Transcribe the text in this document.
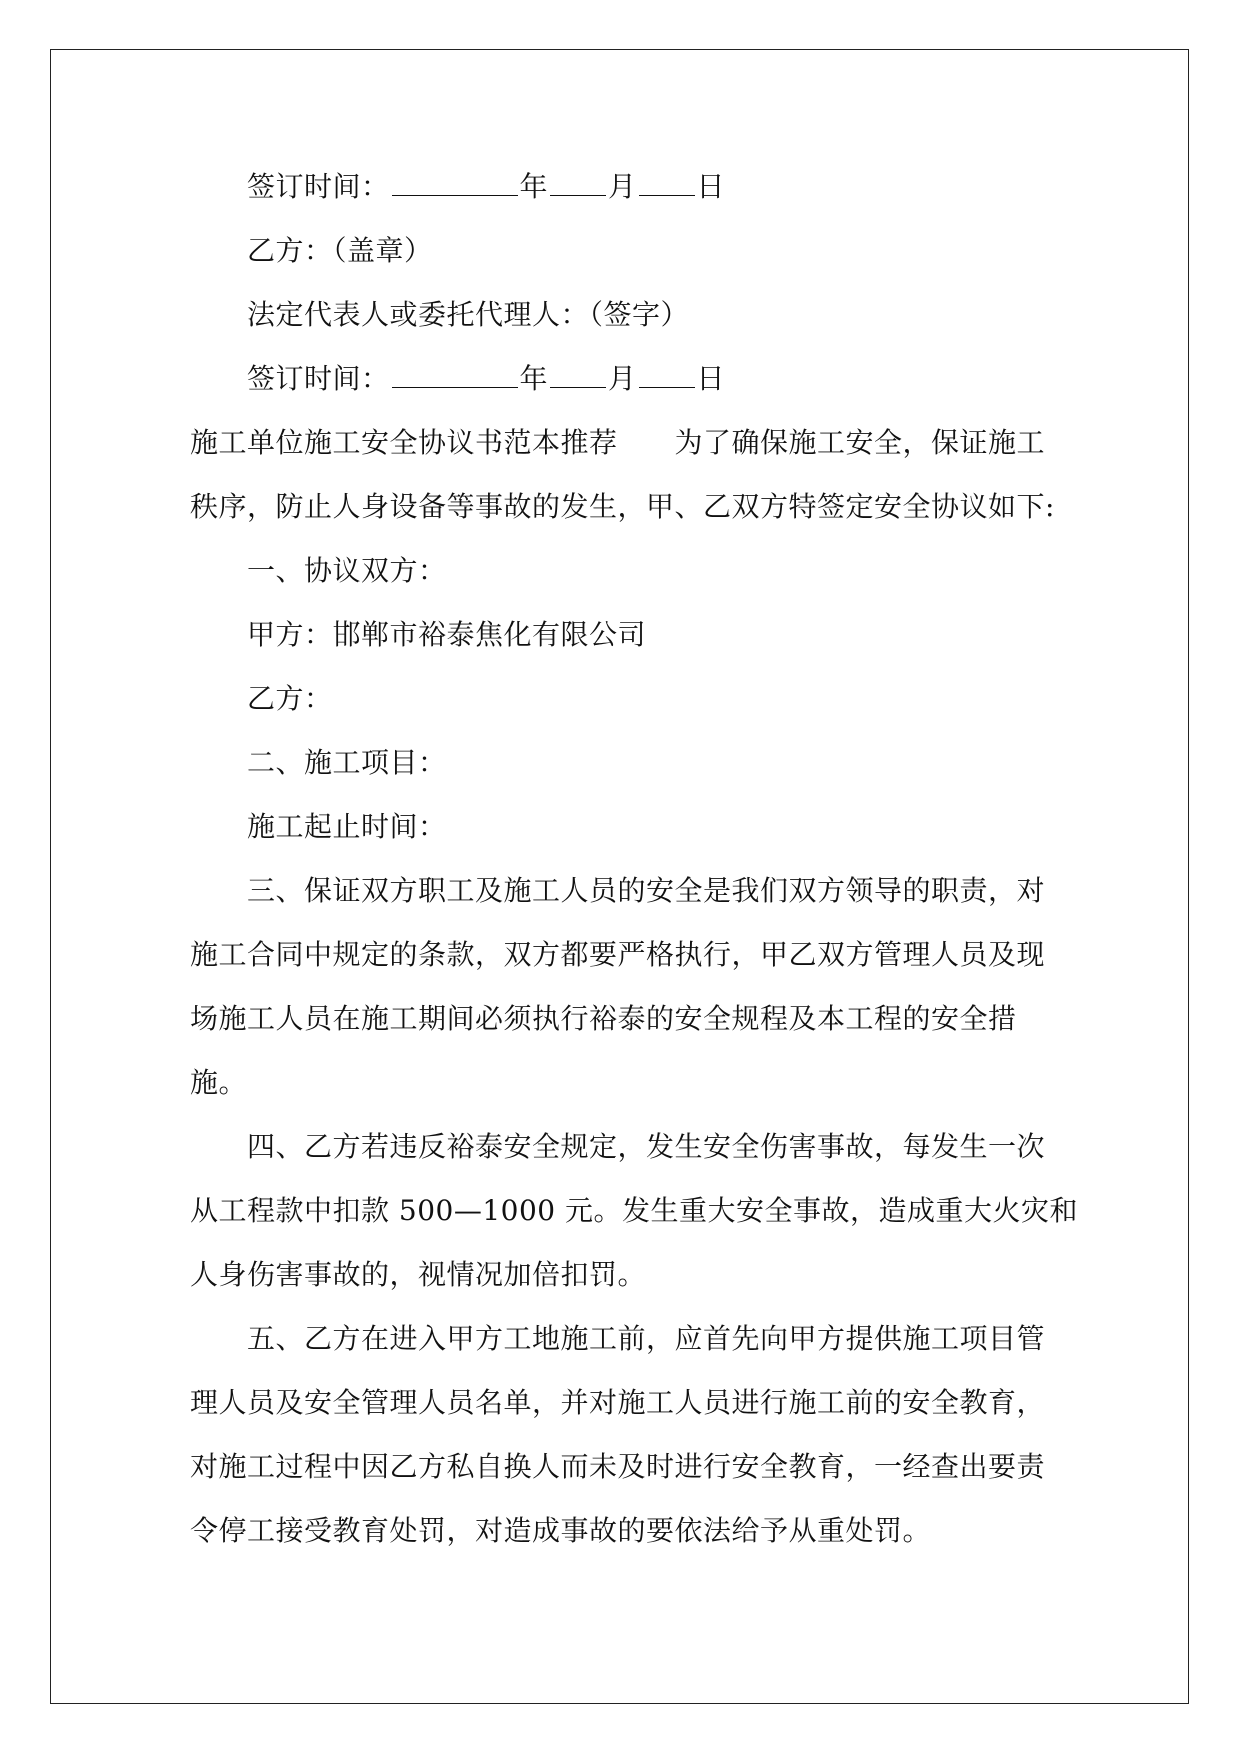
签订时间：	年 月 日
乙方：（盖章）
法定代表人或委托代理人：（签字）
签订时间：	年 月 日
施工单位施工安全协议书范本推荐　　为了确保施工安全，保证施工
秩序，防止人身设备等事故的发生，甲、乙双方特签定安全协议如下:
一、协议双方：
甲方：邯郸市裕泰焦化有限公司
乙方：
二、施工项目：
施工起止时间：
三、保证双方职工及施工人员的安全是我们双方领导的职责，对
施工合同中规定的条款，双方都要严格执行，甲乙双方管理人员及现
场施工人员在施工期间必须执行裕泰的安全规程及本工程的安全措
施。
四、乙方若违反裕泰安全规定，发生安全伤害事故，每发生一次
从工程款中扣款 500—1000 元。发生重大安全事故，造成重大火灾和
人身伤害事故的，视情况加倍扣罚。
五、乙方在进入甲方工地施工前，应首先向甲方提供施工项目管
理人员及安全管理人员名单，并对施工人员进行施工前的安全教育，
对施工过程中因乙方私自换人而未及时进行安全教育，一经查出要责
令停工接受教育处罚，对造成事故的要依法给予从重处罚。
